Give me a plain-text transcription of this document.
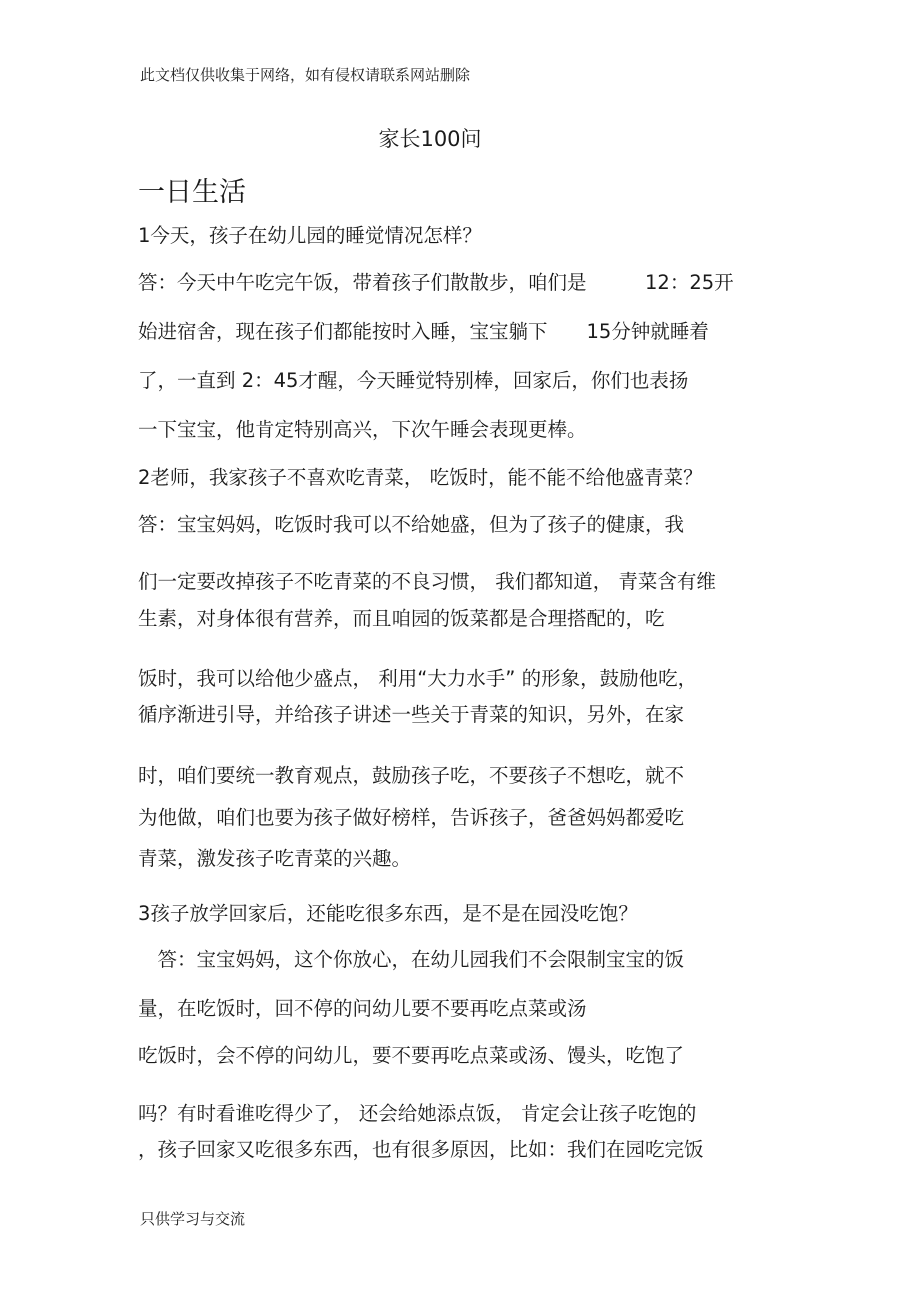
此文档仅供收集于网络，如有侵权请联系网站删除
家长100问
一日生活
1今天，孩子在幼儿园的睡觉情况怎样？
答：今天中午吃完午饭，带着孩子们散散步，咱们是　　　12：25开
始进宿舍，现在孩子们都能按时入睡，宝宝躺下　　15分钟就睡着
了，一直到 2：45才醒，今天睡觉特别棒，回家后，你们也表扬
一下宝宝，他肯定特别高兴，下次午睡会表现更棒。
2老师，我家孩子不喜欢吃青菜， 吃饭时，能不能不给他盛青菜？
答：宝宝妈妈，吃饭时我可以不给她盛，但为了孩子的健康，我
们一定要改掉孩子不吃青菜的不良习惯， 我们都知道， 青菜含有维
生素，对身体很有营养，而且咱园的饭菜都是合理搭配的，吃
饭时，我可以给他少盛点， 利用“大力水手” 的形象，鼓励他吃，
循序渐进引导，并给孩子讲述一些关于青菜的知识，另外，在家
时，咱们要统一教育观点，鼓励孩子吃，不要孩子不想吃，就不
为他做，咱们也要为孩子做好榜样，告诉孩子，爸爸妈妈都爱吃
青菜，激发孩子吃青菜的兴趣。
3孩子放学回家后，还能吃很多东西，是不是在园没吃饱？
　答：宝宝妈妈，这个你放心，在幼儿园我们不会限制宝宝的饭
量，在吃饭时，回不停的问幼儿要不要再吃点菜或汤
吃饭时，会不停的问幼儿，要不要再吃点菜或汤、馒头，吃饱了
吗？有时看谁吃得少了， 还会给她添点饭， 肯定会让孩子吃饱的
，孩子回家又吃很多东西，也有很多原因，比如：我们在园吃完饭
只供学习与交流
